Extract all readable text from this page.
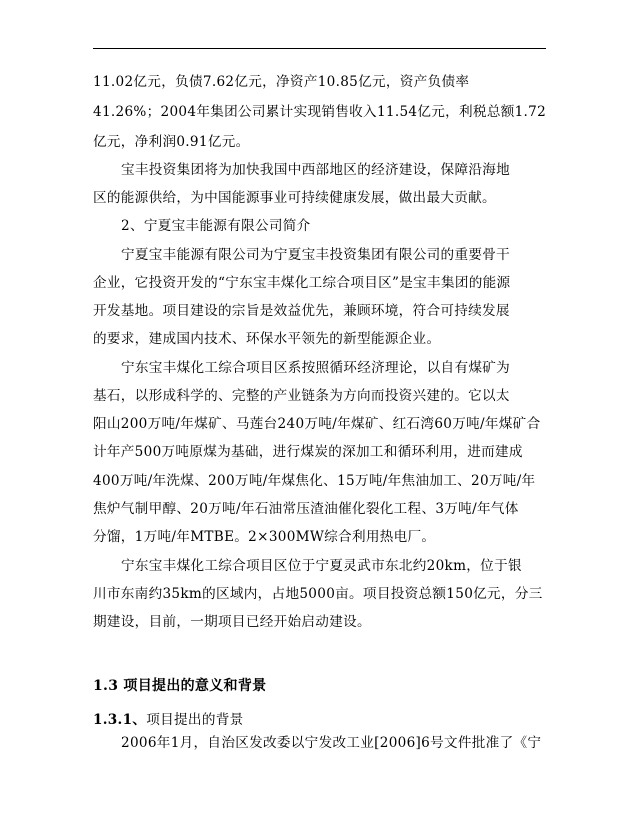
11.02亿元，负债7.62亿元，净资产10.85亿元，资产负债率
41.26%；2004年集团公司累计实现销售收入11.54亿元，利税总额1.72
亿元，净利润0.91亿元。
宝丰投资集团将为加快我国中西部地区的经济建设，保障沿海地
区的能源供给，为中国能源事业可持续健康发展，做出最大贡献。
2、宁夏宝丰能源有限公司简介
宁夏宝丰能源有限公司为宁夏宝丰投资集团有限公司的重要骨干
企业，它投资开发的“宁东宝丰煤化工综合项目区”是宝丰集团的能源
开发基地。项目建设的宗旨是效益优先，兼顾环境，符合可持续发展
的要求，建成国内技术、环保水平领先的新型能源企业。
宁东宝丰煤化工综合项目区系按照循环经济理论，以自有煤矿为
基石，以形成科学的、完整的产业链条为方向而投资兴建的。它以太
阳山200万吨/年煤矿、马莲台240万吨/年煤矿、红石湾60万吨/年煤矿合
计年产500万吨原煤为基础，进行煤炭的深加工和循环利用，进而建成
400万吨/年洗煤、200万吨/年煤焦化、15万吨/年焦油加工、20万吨/年
焦炉气制甲醇、20万吨/年石油常压渣油催化裂化工程、3万吨/年气体
分馏，1万吨/年MTBE。2×300MW综合利用热电厂。
宁东宝丰煤化工综合项目区位于宁夏灵武市东北约20km，位于银
川市东南约35km的区域内，占地5000亩。项目投资总额150亿元，分三
期建设，目前，一期项目已经开始启动建设。
1.3 项目提出的意义和背景
1.3.1、项目提出的背景
2006年1月，自治区发改委以宁发改工业[2006]6号文件批准了《宁
